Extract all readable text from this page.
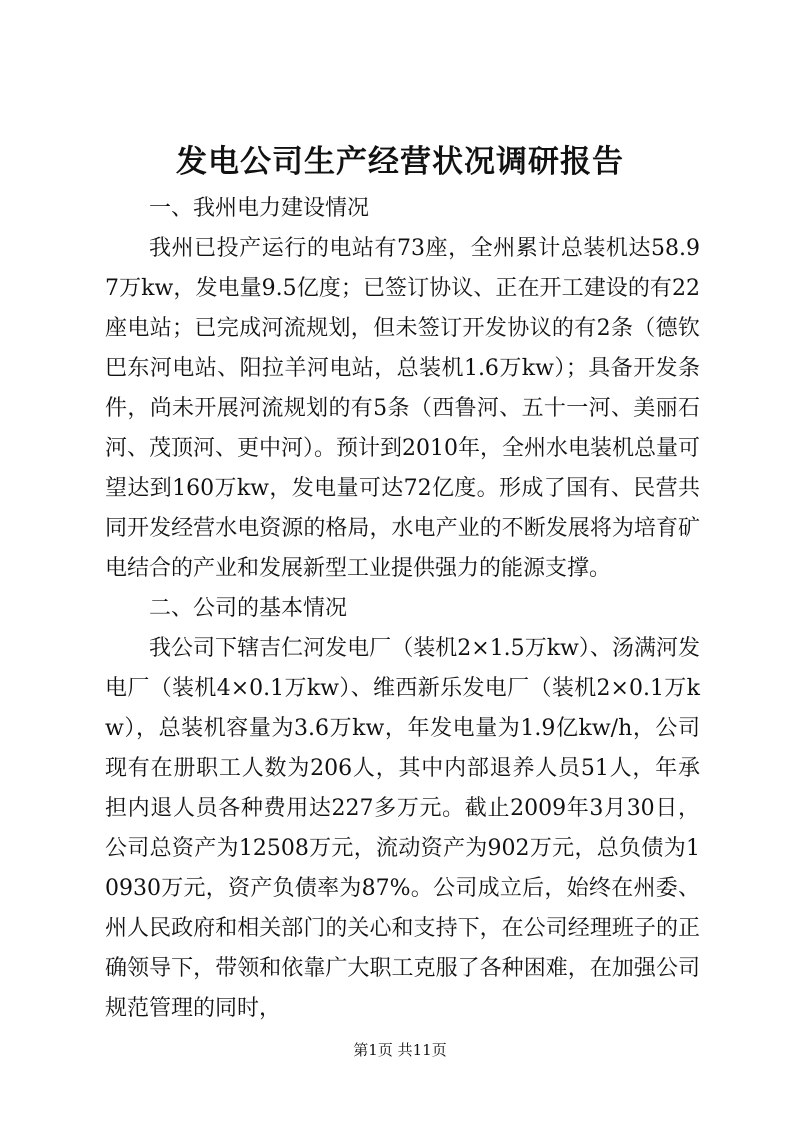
发电公司生产经营状况调研报告

一、我州电力建设情况

我州已投产运行的电站有73座，全州累计总装机达58.97万kw，发电量9.5亿度；已签订协议、正在开工建设的有22座电站；已完成河流规划，但未签订开发协议的有2条（德钦巴东河电站、阳拉羊河电站，总装机1.6万kw）；具备开发条件，尚未开展河流规划的有5条（西鲁河、五十一河、美丽石河、茂顶河、更中河）。预计到2010年，全州水电装机总量可望达到160万kw，发电量可达72亿度。形成了国有、民营共同开发经营水电资源的格局，水电产业的不断发展将为培育矿电结合的产业和发展新型工业提供强力的能源支撑。

二、公司的基本情况

我公司下辖吉仁河发电厂（装机2×1.5万kw）、汤满河发电厂（装机4×0.1万kw）、维西新乐发电厂（装机2×0.1万kw），总装机容量为3.6万kw，年发电量为1.9亿kw/h，公司现有在册职工人数为206人，其中内部退养人员51人，年承担内退人员各种费用达227多万元。截止2009年3月30日，公司总资产为12508万元，流动资产为902万元，总负债为10930万元，资产负债率为87%。公司成立后，始终在州委、州人民政府和相关部门的关心和支持下，在公司经理班子的正确领导下，带领和依靠广大职工克服了各种困难，在加强公司规范管理的同时，

第1页 共11页
